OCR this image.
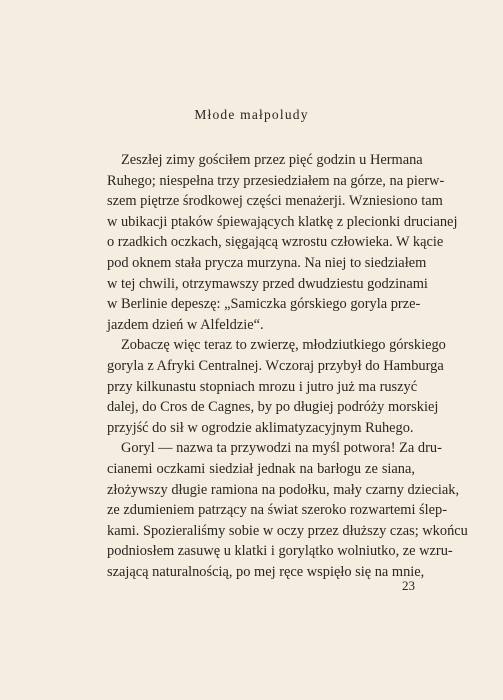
Młode małpoludy
Zeszłej zimy gościłem przez pięć godzin u Hermana
Ruhego; niespełna trzy przesiedziałem na górze, na pierw-
szem piętrze środkowej części menażerji. Wzniesiono tam
w ubikacji ptaków śpiewających klatkę z plecionki drucianej
o rzadkich oczkach, sięgającą wzrostu człowieka. W kącie
pod oknem stała prycza murzyna. Na niej to siedziałem
w tej chwili, otrzymawszy przed dwudziestu godzinami
w Berlinie depeszę: „Samiczka górskiego goryla prze-
jazdem dzień w Alfeldzie“.
Zobaczę więc teraz to zwierzę, młodziutkiego górskiego
goryla z Afryki Centralnej. Wczoraj przybył do Hamburga
przy kilkunastu stopniach mrozu i jutro już ma ruszyć
dalej, do Cros de Cagnes, by po długiej podróży morskiej
przyjść do sił w ogrodzie aklimatyzacyjnym Ruhego.
Goryl — nazwa ta przywodzi na myśl potwora! Za dru-
cianemi oczkami siedział jednak na barłogu ze siana,
złożywszy długie ramiona na podołku, mały czarny dzieciak,
ze zdumieniem patrzący na świat szeroko rozwartemi ślep-
kami. Spozieraliśmy sobie w oczy przez dłuższy czas; wkońcu
podniosłem zasuwę u klatki i gorylątko wolniutko, ze wzru-
szającą naturalnością, po mej ręce wspięło się na mnie,
23
